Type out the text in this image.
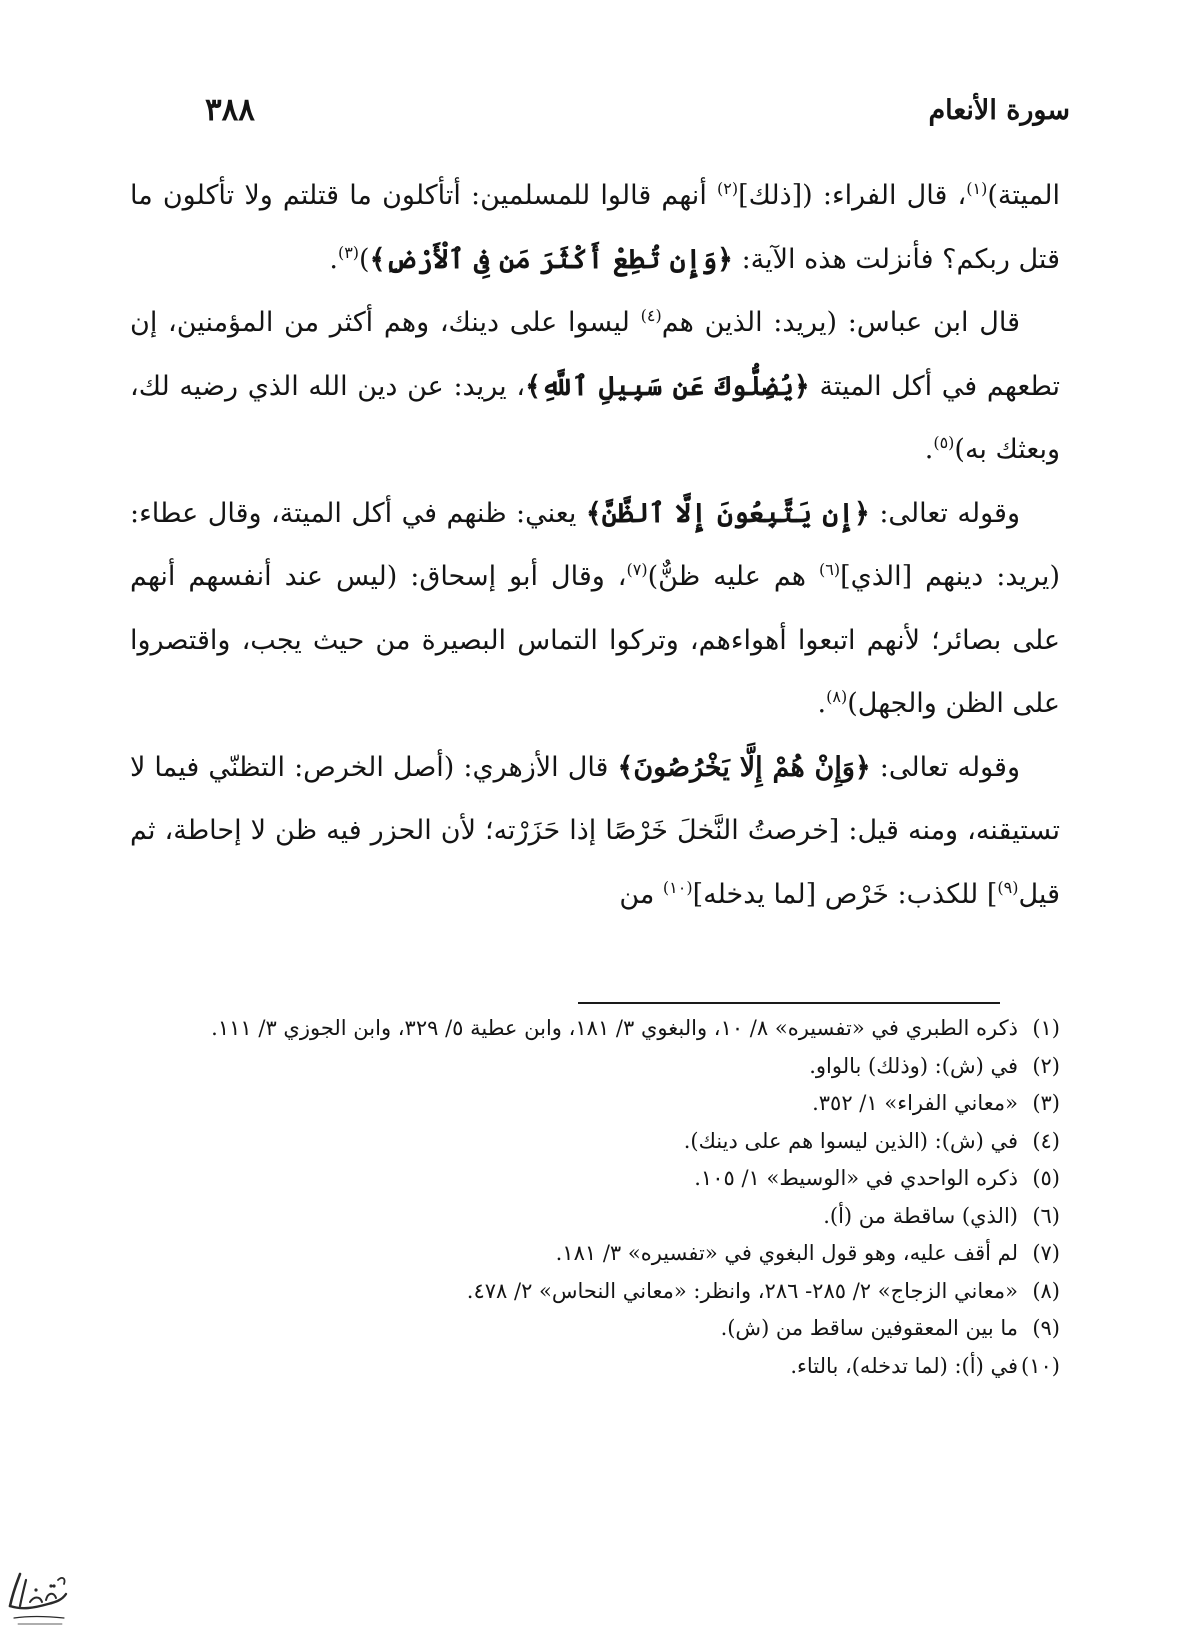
سورة الأنعام
٣٨٨

الميتة)$^{(١)}$، قال الفراء: ([ذلك]$^{(٢)}$ أنهم قالوا للمسلمين: أتأكلون ما قتلتم ولا تأكلون ما قتل ربكم؟ فأنزلت هذه الآية: ﴿وَإِن تُطِعْ أَكْثَرَ مَن فِى ٱلْأَرْضِ﴾)$^{(٣)}$.

قال ابن عباس: (يريد: الذين هم$^{(٤)}$ ليسوا على دينك، وهم أكثر من المؤمنين، إن تطعهم في أكل الميتة ﴿يُضِلُّوكَ عَن سَبِيلِ ٱللَّهِ﴾، يريد: عن دين الله الذي رضيه لك، وبعثك به)$^{(٥)}$.

وقوله تعالى: ﴿إِن يَتَّبِعُونَ إِلَّا ٱلظَّنَّ﴾ يعني: ظنهم في أكل الميتة، وقال عطاء: (يريد: دينهم [الذي]$^{(٦)}$ هم عليه ظنٌّ)$^{(٧)}$، وقال أبو إسحاق: (ليس عند أنفسهم أنهم على بصائر؛ لأنهم اتبعوا أهواءهم، وتركوا التماس البصيرة من حيث يجب، واقتصروا على الظن والجهل)$^{(٨)}$.

وقوله تعالى: ﴿وَإِنْ هُمْ إِلَّا يَخْرُصُونَ﴾ قال الأزهري: (أصل الخرص: التظنّي فيما لا تستيقنه، ومنه قيل: [خرصتُ النَّخلَ خَرْصًا إذا حَزَرْته؛ لأن الحزر فيه ظن لا إحاطة، ثم قيل$^{(٩)}$] للكذب: خَرْص [لما يدخله]$^{(١٠)}$ من

(١)
ذكره الطبري في «تفسيره» ٨/ ١٠، والبغوي ٣/ ١٨١، وابن عطية ٥/ ٣٢٩، وابن الجوزي ٣/ ١١١.
(٢)
في (ش): (وذلك) بالواو.
(٣)
«معاني الفراء» ١/ ٣٥٢.
(٤)
في (ش): (الذين ليسوا هم على دينك).
(٥)
ذكره الواحدي في «الوسيط» ١/ ١٠٥.
(٦)
(الذي) ساقطة من (أ).
(٧)
لم أقف عليه، وهو قول البغوي في «تفسيره» ٣/ ١٨١.
(٨)
«معاني الزجاج» ٢/ ٢٨٥- ٢٨٦، وانظر: «معاني النحاس» ٢/ ٤٧٨.
(٩)
ما بين المعقوفين ساقط من (ش).
(١٠)
في (أ): (لما تدخله)، بالتاء.
